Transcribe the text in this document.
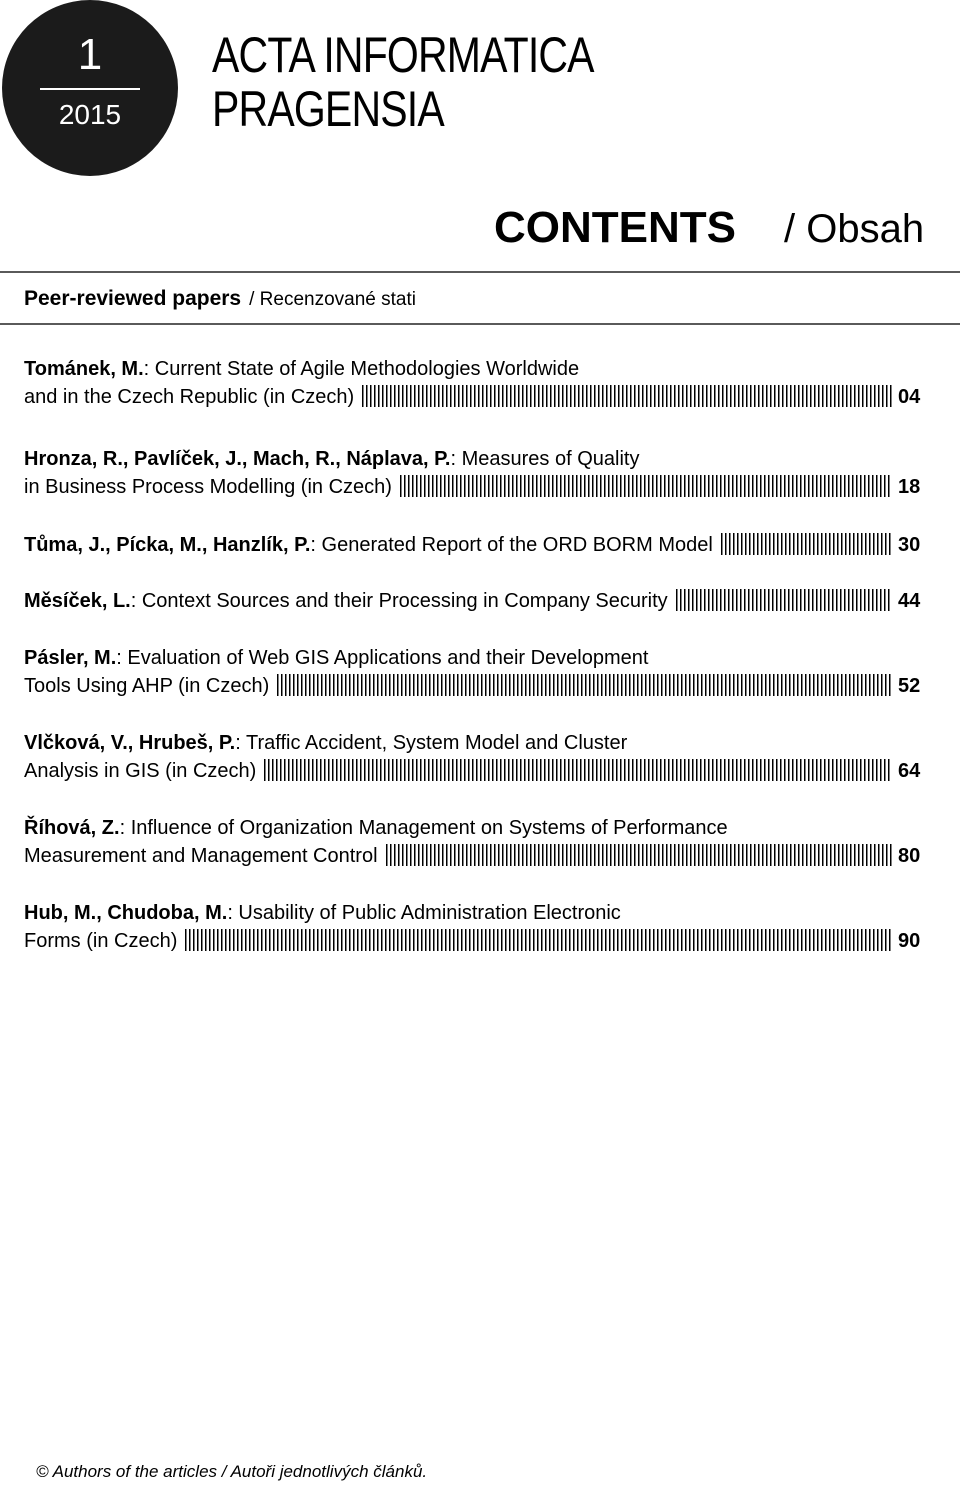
1
2015
ACTA INFORMATICA
PRAGENSIA
CONTENTS / Obsah
Peer-reviewed papers / Recenzované stati
Tománek, M.: Current State of Agile Methodologies Worldwide
and in the Czech Republic (in Czech)	04
Hronza, R., Pavlíček, J., Mach, R., Náplava, P.: Measures of Quality
in Business Process Modelling (in Czech)	18
Tůma, J., Pícka, M., Hanzlík, P.: Generated Report of the ORD BORM Model	30
Měsíček, L.: Context Sources and their Processing in Company Security	44
Pásler, M.: Evaluation of Web GIS Applications and their Development
Tools Using AHP (in Czech)	52
Vlčková, V., Hrubeš, P.: Traffic Accident, System Model and Cluster
Analysis in GIS (in Czech)	64
Říhová, Z.: Influence of Organization Management on Systems of Performance
Measurement and Management Control	80
Hub, M., Chudoba, M.: Usability of Public Administration Electronic
Forms (in Czech)	90
© Authors of the articles / Autoři jednotlivých článků.
